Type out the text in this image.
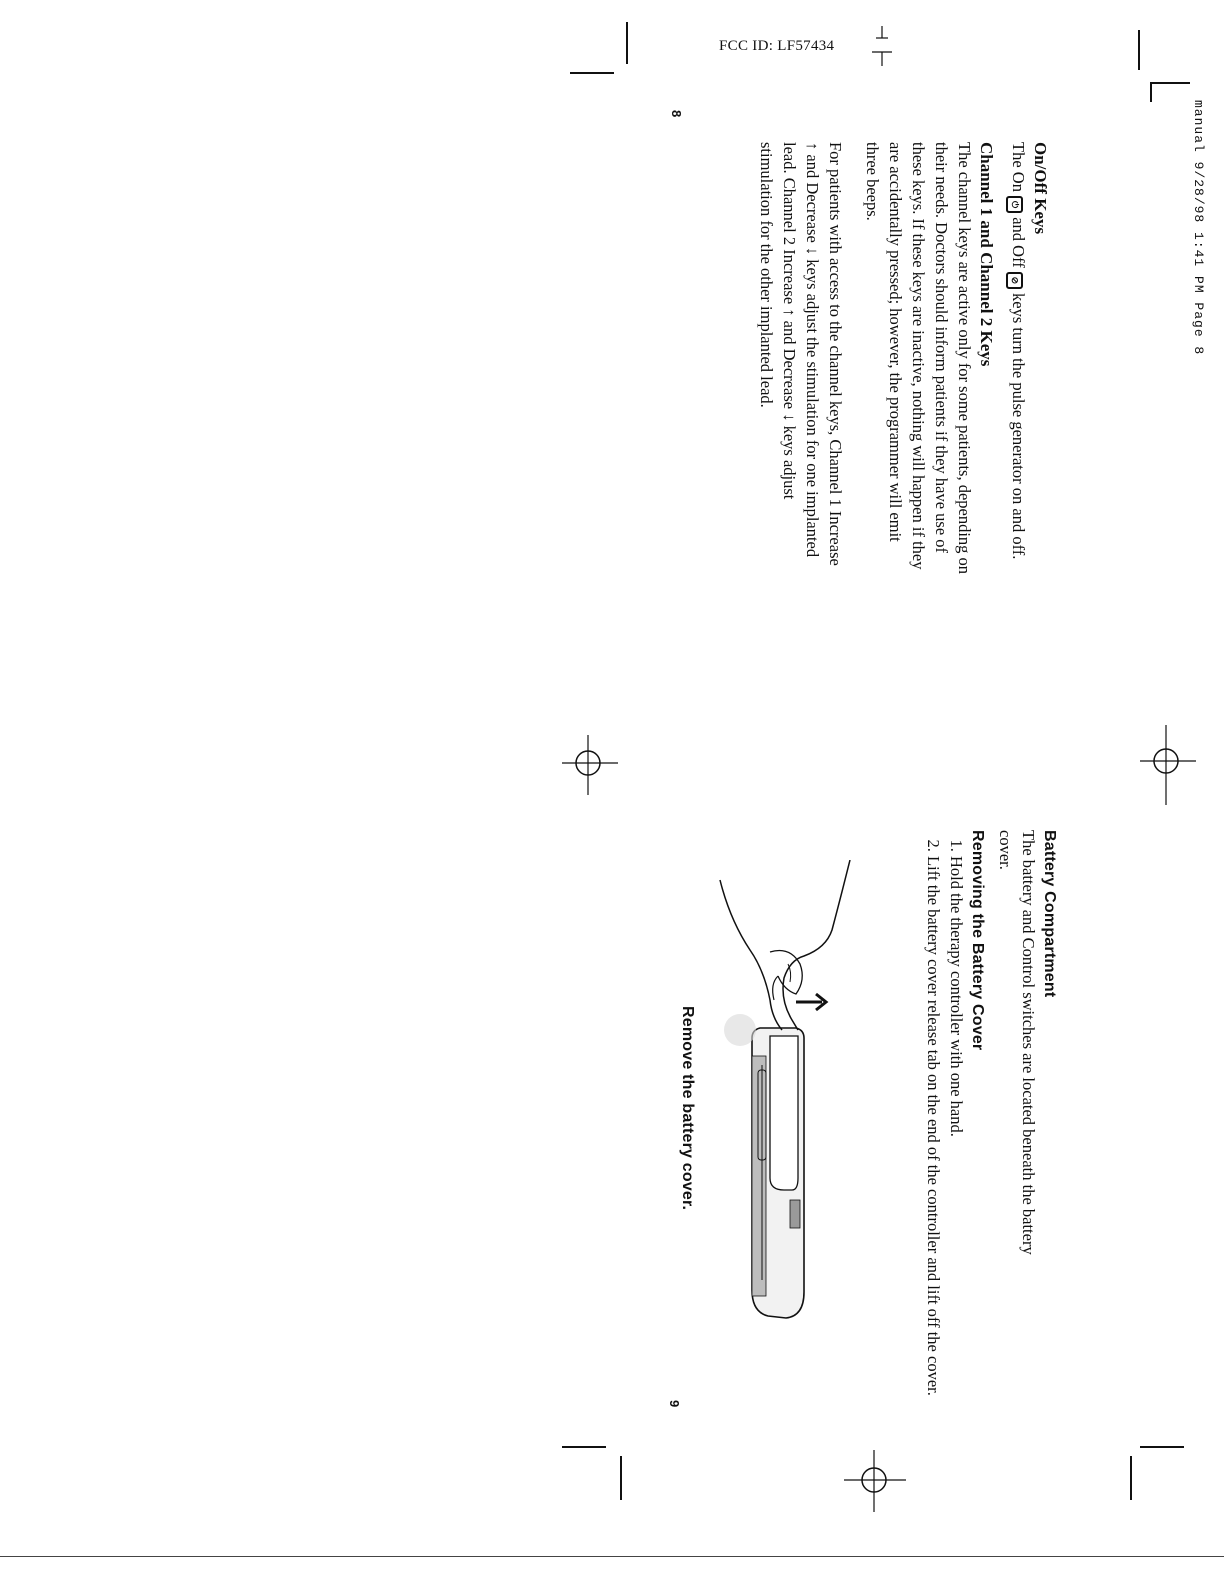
FCC ID: LF57434
manual 9/28/98 1:41 PM Page 8
8
On/Off Keys
The On ⏻ and Off ⊘ keys turn the pulse generator on and off.
Channel 1 and Channel 2 Keys

The channel keys are active only for some patients, depending on

their needs. Doctors should inform patients if they have use of

these keys. If these keys are inactive, nothing will happen if they

are accidentally pressed; however, the programmer will emit

three beeps.

For patients with access to the channel keys, Channel 1 Increase

↑ and Decrease ↓ keys adjust the stimulation for one implanted

lead. Channel 2 Increase ↑ and Decrease ↓ keys adjust

stimulation for the other implanted lead.

Battery Compartment

The battery and Control switches are located beneath the battery

cover.

Removing the Battery Cover
1. Hold the therapy controller with one hand.
2. Lift the battery cover release tab on the end of the controller and lift off the cover.
Remove the battery cover.
9
